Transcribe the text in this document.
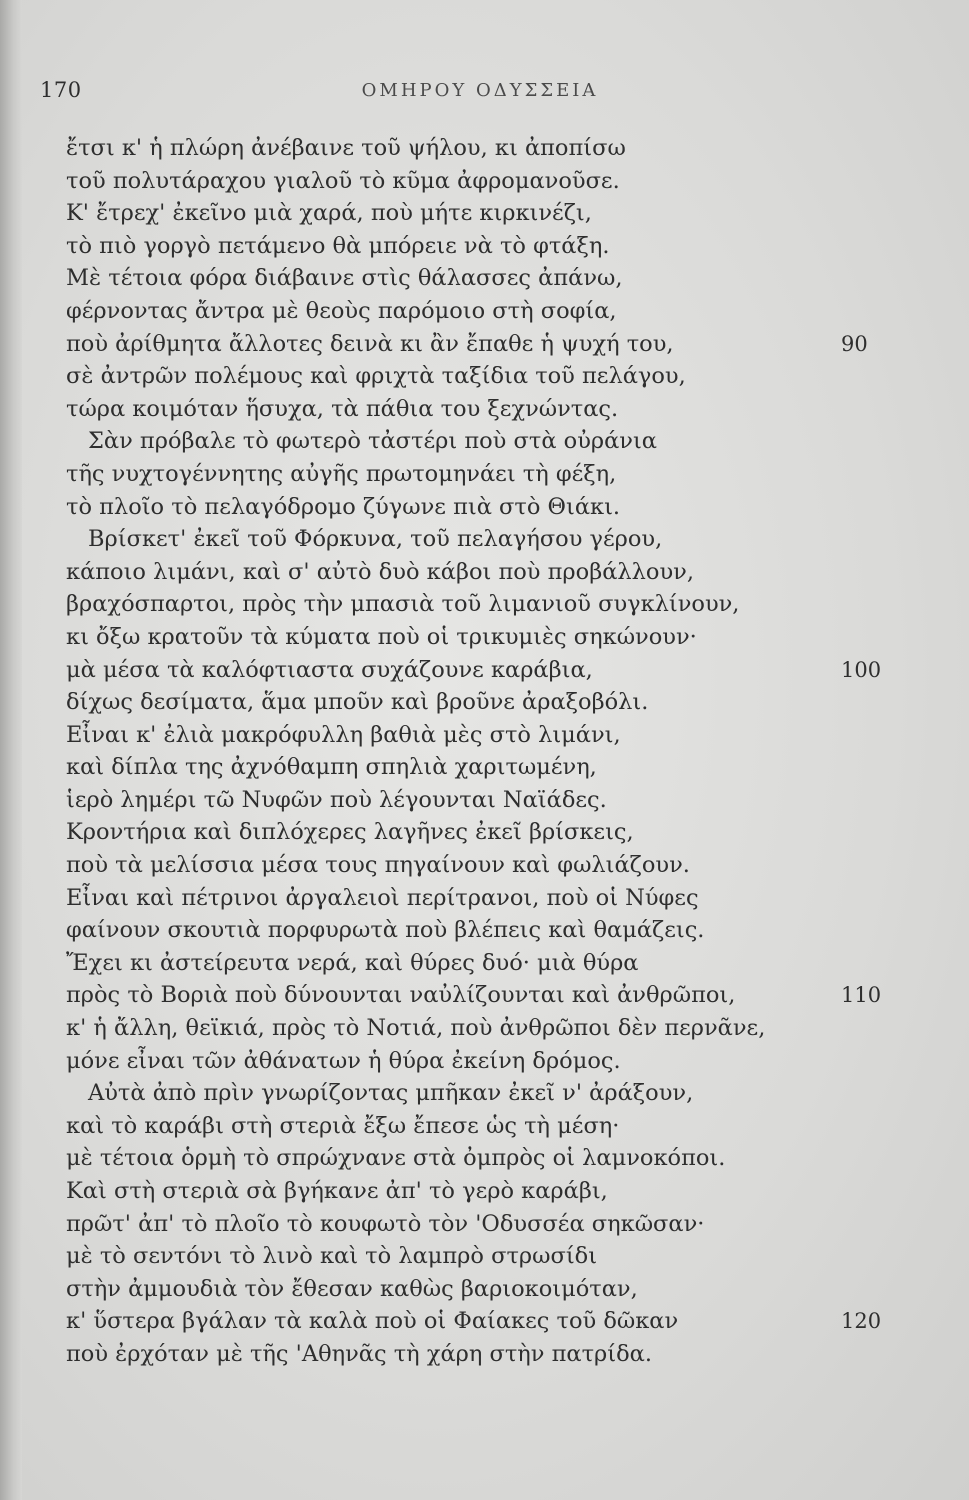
170	ΟΜΗΡΟΥ ΟΔΥΣΣΕΙΑ
ἔτσι κ' ἡ πλώρη ἀνέβαινε τοῦ ψήλου, κι ἀποπίσω
τοῦ πολυτάραχου γιαλοῦ τὸ κῦμα ἀφρομανοῦσε.
Κ' ἔτρεχ' ἐκεῖνο μιὰ χαρά, ποὺ μήτε κιρκινέζι,
τὸ πιὸ γοργὸ πετάμενο θὰ μπόρειε νὰ τὸ φτάξη.
Μὲ τέτοια φόρα διάβαινε στὶς θάλασσες ἀπάνω,
φέρνοντας ἄντρα μὲ θεοὺς παρόμοιο στὴ σοφία,
ποὺ ἀρίθμητα ἄλλοτες δεινὰ κι ἂν ἔπαθε ἡ ψυχή του,	90
σὲ ἀντρῶν πολέμους καὶ φριχτὰ ταξίδια τοῦ πελάγου,
τώρα κοιμόταν ἥσυχα, τὰ πάθια του ξεχνώντας.
Σὰν πρόβαλε τὸ φωτερὸ τἀστέρι ποὺ στὰ οὐράνια
τῆς νυχτογέννητης αὐγῆς πρωτομηνάει τὴ φέξη,
τὸ πλοῖο τὸ πελαγόδρομο ζύγωνε πιὰ στὸ Θιάκι.
Βρίσκετ' ἐκεῖ τοῦ Φόρκυνα, τοῦ πελαγήσου γέρου,
κάποιο λιμάνι, καὶ σ' αὐτὸ δυὸ κάβοι ποὺ προβάλλουν,
βραχόσπαρτοι, πρὸς τὴν μπασιὰ τοῦ λιμανιοῦ συγκλίνουν,
κι ὄξω κρατοῦν τὰ κύματα ποὺ οἱ τρικυμιὲς σηκώνουν·
μὰ μέσα τὰ καλόφτιαστα συχάζουνε καράβια,	100
δίχως δεσίματα, ἅμα μποῦν καὶ βροῦνε ἀραξοβόλι.
Εἶναι κ' ἐλιὰ μακρόφυλλη βαθιὰ μὲς στὸ λιμάνι,
καὶ δίπλα της ἀχνόθαμπη σπηλιὰ χαριτωμένη,
ἱερὸ λημέρι τῶ Νυφῶν ποὺ λέγουνται Ναϊάδες.
Κροντήρια καὶ διπλόχερες λαγῆνες ἐκεῖ βρίσκεις,
ποὺ τὰ μελίσσια μέσα τους πηγαίνουν καὶ φωλιάζουν.
Εἶναι καὶ πέτρινοι ἀργαλειοὶ περίτρανοι, ποὺ οἱ Νύφες
φαίνουν σκουτιὰ πορφυρωτὰ ποὺ βλέπεις καὶ θαμάζεις.
Ἔχει κι ἀστείρευτα νερά, καὶ θύρες δυό· μιὰ θύρα
πρὸς τὸ Βοριὰ ποὺ δύνουνται ναὐλίζουνται καὶ ἀνθρῶποι,	110
κ' ἡ ἄλλη, θεϊκιά, πρὸς τὸ Νοτιά, ποὺ ἀνθρῶποι δὲν περνᾶνε,
μόνε εἶναι τῶν ἀθάνατων ἡ θύρα ἐκείνη δρόμος.
Αὐτὰ ἀπὸ πρὶν γνωρίζοντας μπῆκαν ἐκεῖ ν' ἀράξουν,
καὶ τὸ καράβι στὴ στεριὰ ἔξω ἔπεσε ὡς τὴ μέση·
μὲ τέτοια ὁρμὴ τὸ σπρώχνανε στὰ ὀμπρὸς οἱ λαμνοκόποι.
Καὶ στὴ στεριὰ σὰ βγήκανε ἀπ' τὸ γερὸ καράβι,
πρῶτ' ἀπ' τὸ πλοῖο τὸ κουφωτὸ τὸν 'Οδυσσέα σηκῶσαν·
μὲ τὸ σεντόνι τὸ λινὸ καὶ τὸ λαμπρὸ στρωσίδι
στὴν ἀμμουδιὰ τὸν ἔθεσαν καθὼς βαριοκοιμόταν,
κ' ὕστερα βγάλαν τὰ καλὰ ποὺ οἱ Φαίακες τοῦ δῶκαν	120
ποὺ ἐρχόταν μὲ τῆς 'Αθηνᾶς τὴ χάρη στὴν πατρίδα.
